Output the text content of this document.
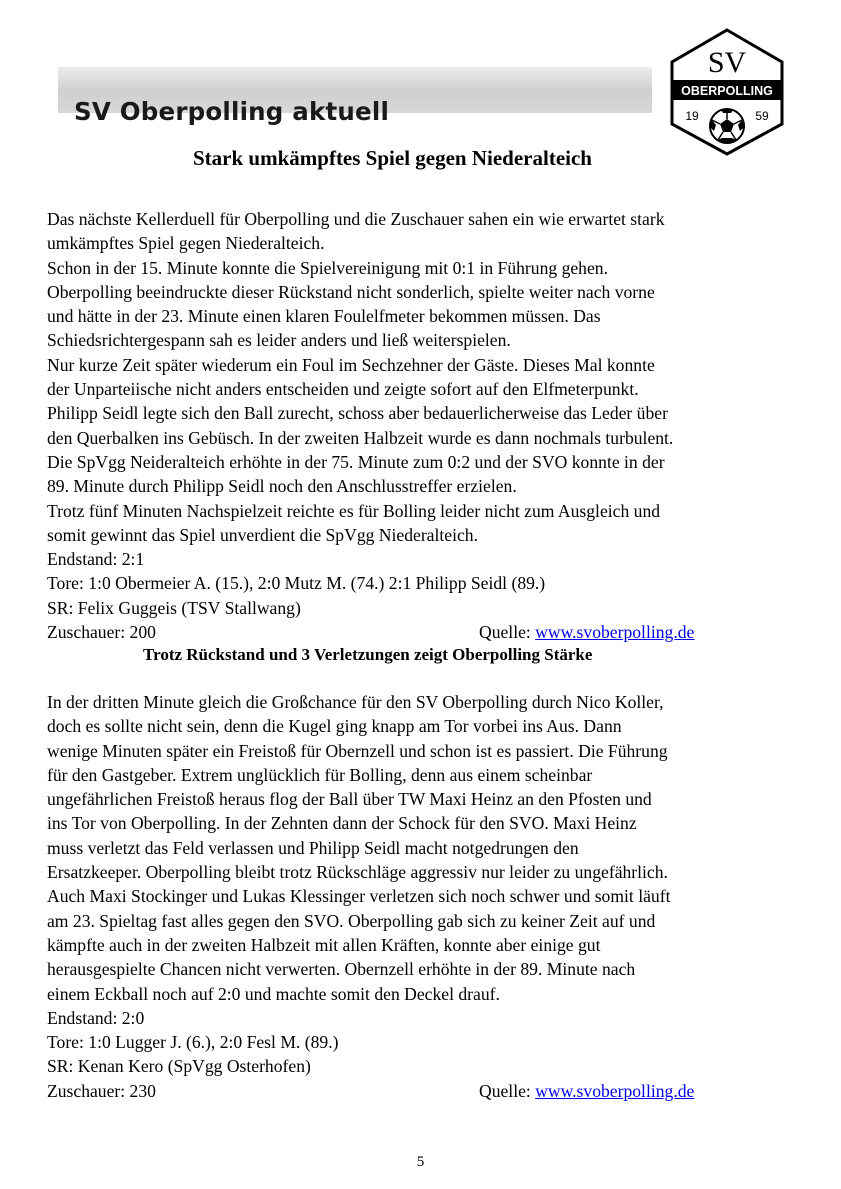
SV Oberpolling aktuell
SV
OBERPOLLING
19	59
Stark umkämpftes Spiel gegen Niederalteich
Das nächste Kellerduell für Oberpolling und die Zuschauer sahen ein wie erwartet stark
umkämpftes Spiel gegen Niederalteich.
Schon in der 15. Minute konnte die Spielvereinigung mit 0:1 in Führung gehen.
Oberpolling beeindruckte dieser Rückstand nicht sonderlich, spielte weiter nach vorne
und hätte in der 23. Minute einen klaren Foulelfmeter bekommen müssen. Das
Schiedsrichtergespann sah es leider anders und ließ weiterspielen.
Nur kurze Zeit später wiederum ein Foul im Sechzehner der Gäste. Dieses Mal konnte
der Unparteiische nicht anders entscheiden und zeigte sofort auf den Elfmeterpunkt.
Philipp Seidl legte sich den Ball zurecht, schoss aber bedauerlicherweise das Leder über
den Querbalken ins Gebüsch. In der zweiten Halbzeit wurde es dann nochmals turbulent.
Die SpVgg Neideralteich erhöhte in der 75. Minute zum 0:2 und der SVO konnte in der
89. Minute durch Philipp Seidl noch den Anschlusstreffer erzielen.
Trotz fünf Minuten Nachspielzeit reichte es für Bolling leider nicht zum Ausgleich und
somit gewinnt das Spiel unverdient die SpVgg Niederalteich.
Endstand: 2:1
Tore: 1:0 Obermeier A. (15.), 2:0 Mutz M. (74.) 2:1 Philipp Seidl (89.)
SR: Felix Guggeis (TSV Stallwang)
Zuschauer: 200	Quelle: www.svoberpolling.de
Trotz Rückstand und 3 Verletzungen zeigt Oberpolling Stärke
In der dritten Minute gleich die Großchance für den SV Oberpolling durch Nico Koller,
doch es sollte nicht sein, denn die Kugel ging knapp am Tor vorbei ins Aus. Dann
wenige Minuten später ein Freistoß für Obernzell und schon ist es passiert. Die Führung
für den Gastgeber. Extrem unglücklich für Bolling, denn aus einem scheinbar
ungefährlichen Freistoß heraus flog der Ball über TW Maxi Heinz an den Pfosten und
ins Tor von Oberpolling. In der Zehnten dann der Schock für den SVO. Maxi Heinz
muss verletzt das Feld verlassen und Philipp Seidl macht notgedrungen den
Ersatzkeeper. Oberpolling bleibt trotz Rückschläge aggressiv nur leider zu ungefährlich.
Auch Maxi Stockinger und Lukas Klessinger verletzen sich noch schwer und somit läuft
am 23. Spieltag fast alles gegen den SVO. Oberpolling gab sich zu keiner Zeit auf und
kämpfte auch in der zweiten Halbzeit mit allen Kräften, konnte aber einige gut
herausgespielte Chancen nicht verwerten. Obernzell erhöhte in der 89. Minute nach
einem Eckball noch auf 2:0 und machte somit den Deckel drauf.
Endstand: 2:0
Tore: 1:0 Lugger J. (6.), 2:0 Fesl M. (89.)
SR: Kenan Kero (SpVgg Osterhofen)
Zuschauer: 230	Quelle: www.svoberpolling.de
5
